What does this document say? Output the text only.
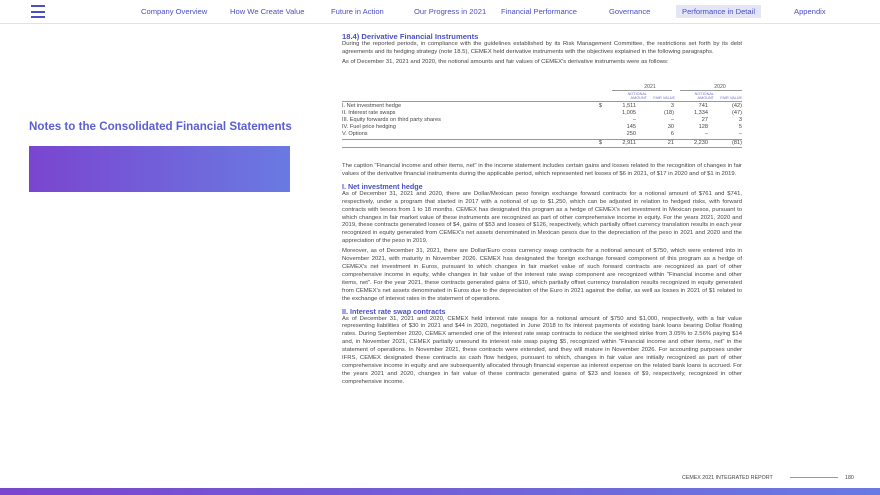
Company Overview	How We Create Value	Future in Action	Our Progress in 2021 Financial Performance	Governance	Performance in Detail	Appendix
Notes to the Consolidated Financial Statements
18.4) Derivative Financial Instruments
During the reported periods, in compliance with the guidelines established by its Risk Management Committee, the restrictions set forth by its debt agreements and its hedging strategy (note 18.5), CEMEX held derivative instruments with the objectives explained in the following paragraphs.
As of December 31, 2021 and 2020, the notional amounts and fair values of CEMEX's derivative instruments were as follows:
2021	2020
NOTIONAL AMOUNT	FAIR VALUE
NOTIONAL AMOUNT	FAIR VALUE
I. Net investment hedge	$	1,511	3	741	(42)
II. Interest rate swaps	1,005	(18)	1,334	(47)
III. Equity forwards on third party shares	–	–	27	3
IV. Fuel price hedging	145	30	128	5
V. Options	250	6	–	–
$	2,911	21	2,230	(81)
The caption "Financial income and other items, net" in the income statement includes certain gains and losses related to the recognition of changes in fair values of the derivative financial instruments during the applicable period, which represented net losses of $6 in 2021, of $17 in 2020 and of $1 in 2019.
I. Net investment hedge
As of December 31, 2021 and 2020, there are Dollar/Mexican peso foreign exchange forward contracts for a notional amount of $761 and $741, respectively, under a program that started in 2017 with a notional of up to $1,250, which can be adjusted in relation to hedged risks, with forward contracts with tenors from 1 to 18 months. CEMEX has designated this program as a hedge of CEMEX's net investment in Mexican pesos, pursuant to which changes in fair market value of these instruments are recognized as part of other comprehensive income in equity. For the years 2021, 2020 and 2019, these contracts generated losses of $4, gains of $53 and losses of $126, respectively, which partially offset currency translation results in each year recognized in equity generated from CEMEX's net assets denominated in Mexican pesos due to the depreciation of the peso in 2021 and 2020 and the appreciation of the peso in 2019.
Moreover, as of December 31, 2021, there are Dollar/Euro cross currency swap contracts for a notional amount of $750, which were entered into in November 2021, with maturity in November 2026. CEMEX has designated the foreign exchange forward component of this program as a hedge of CEMEX's net investment in Euros, pursuant to which changes in fair market value of such forward contracts are recognized as part of other comprehensive income in equity, while changes in fair value of the interest rate swap component are recognized within "Financial income and other items, net". For the year 2021, these contracts generated gains of $10, which partially offset currency translation results recognized in equity generated from CEMEX's net assets denominated in Euros due to the depreciation of the Euro in 2021 against the dollar, as well as losses in 2021 of $1 related to the exchange of interest rates in the statement of operations.
II. Interest rate swap contracts
As of December 31, 2021 and 2020, CEMEX held interest rate swaps for a notional amount of $750 and $1,000, respectively, with a fair value representing liabilities of $30 in 2021 and $44 in 2020, negotiated in June 2018 to fix interest payments of existing bank loans bearing Dollar floating rates. During September 2020, CEMEX amended one of the interest rate swap contracts to reduce the weighted strike from 3.05% to 2.56% paying $14 and, in November 2021, CEMEX partially unwound its interest rate swap paying $5, recognized within "Financial income and other items, net" in the statement of operations. In November 2021, these contracts were extended, and they will mature in November 2026. For accounting purposes under IFRS, CEMEX designated these contracts as cash flow hedges, pursuant to which, changes in fair value are initially recognized as part of other comprehensive income in equity and are subsequently allocated through financial expense as interest expense on the related bank loans is accrued. For the years 2021 and 2020, changes in fair value of these contracts generated gains of $23 and losses of $9, respectively, recognized in other comprehensive income.
CEMEX 2021 INTEGRATED REPORT	180
